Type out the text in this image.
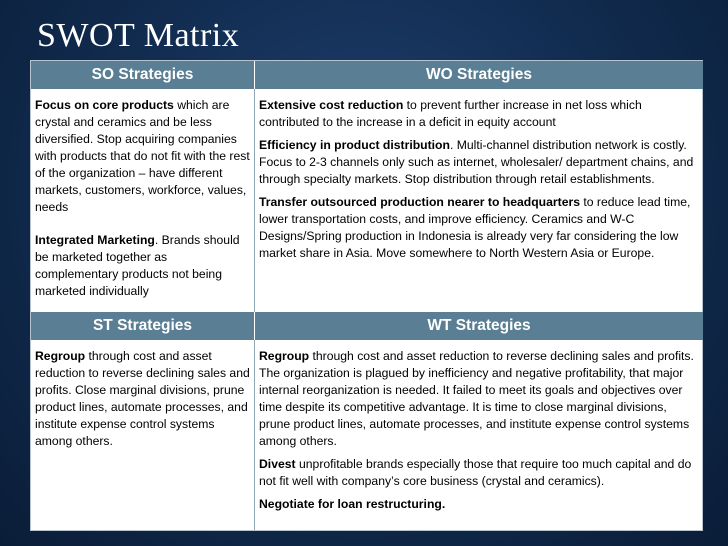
SWOT Matrix
SO Strategies	WO Strategies
ST Strategies	WT Strategies

Focus on core products which are crystal and ceramics and be less diversified. Stop acquiring companies with products that do not fit with the rest of the organization – have different markets, customers, workforce, values, needs

Integrated Marketing. Brands should be marketed together as complementary products not being marketed individually

Extensive cost reduction to prevent further increase in net loss which contributed to the increase in a deficit in equity account

Efficiency in product distribution. Multi-channel distribution network is costly. Focus to 2-3 channels only such as internet, wholesaler/ department chains, and through specialty markets. Stop distribution through retail establishments.

Transfer outsourced production nearer to headquarters to reduce lead time, lower transportation costs, and improve efficiency. Ceramics and W-C Designs/Spring production in Indonesia is already very far considering the low market share in Asia. Move somewhere to North Western Asia or Europe.

Regroup through cost and asset reduction to reverse declining sales and profits. Close marginal divisions, prune product lines, automate processes, and institute expense control systems among others.

Regroup through cost and asset reduction to reverse declining sales and profits. The organization is plagued by inefficiency and negative profitability, that major internal reorganization is needed. It failed to meet its goals and objectives over time despite its competitive advantage. It is time to close marginal divisions, prune product lines, automate processes, and institute expense control systems among others.

Divest unprofitable brands especially those that require too much capital and do not fit well with company’s core business (crystal and ceramics).

Negotiate for loan restructuring.
